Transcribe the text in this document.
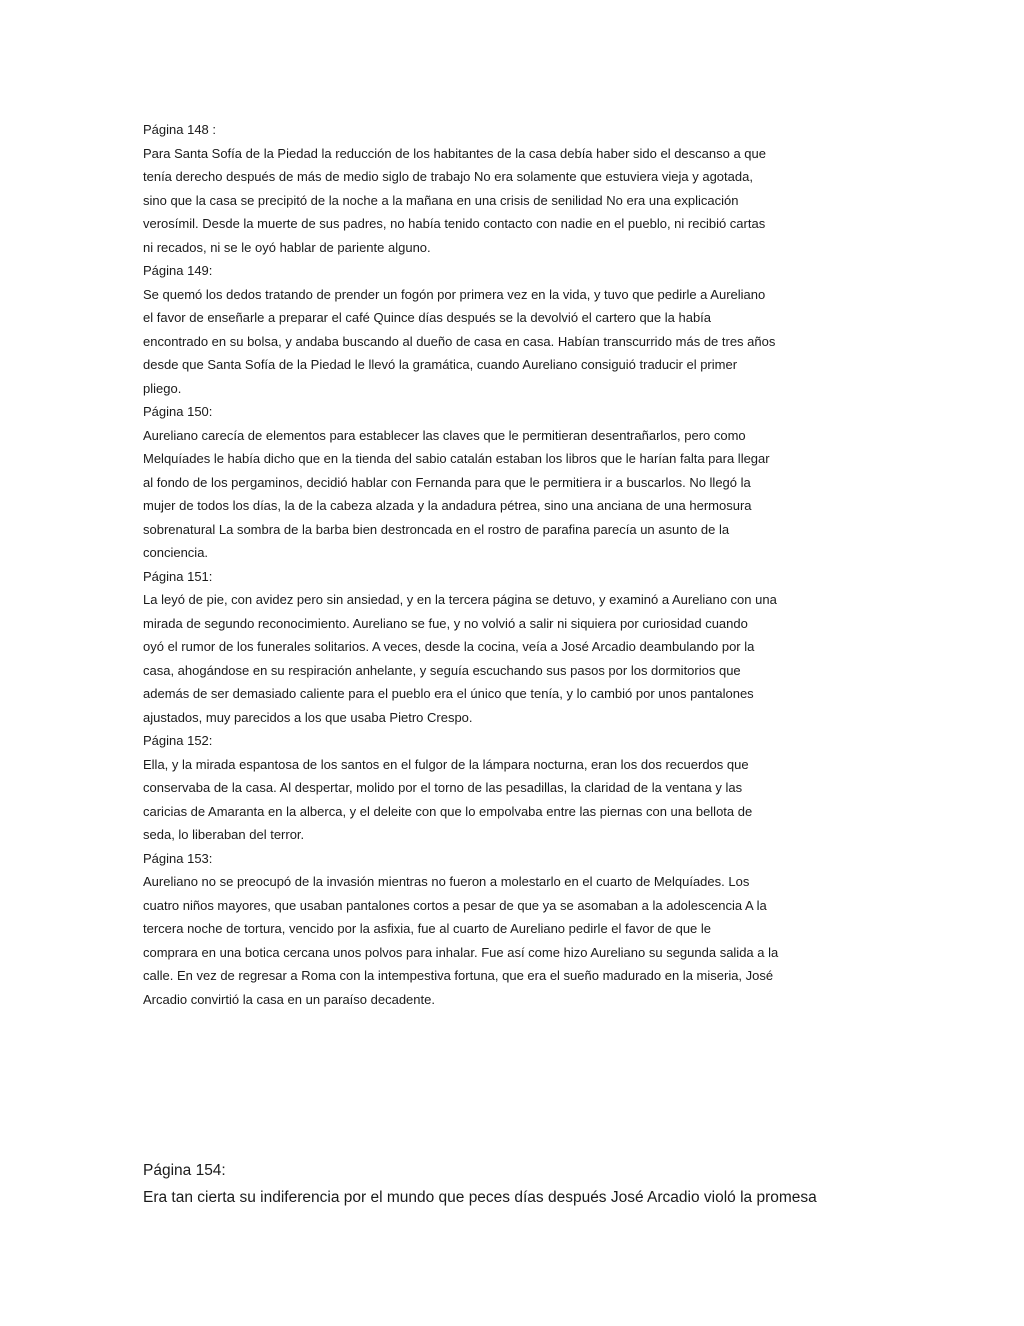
Página 148 :
Para Santa Sofía de la Piedad la reducción de los habitantes de la casa debía haber sido el descanso a que
tenía derecho después de más de medio siglo de trabajo No era solamente que estuviera vieja y agotada,
sino que la casa se precipitó de la noche a la mañana en una crisis de senilidad No era una explicación
verosímil. Desde la muerte de sus padres, no había tenido contacto con nadie en el pueblo, ni recibió cartas
ni recados, ni se le oyó hablar de pariente alguno.
Página 149:
Se quemó los dedos tratando de prender un fogón por primera vez en la vida, y tuvo que pedirle a Aureliano
el favor de enseñarle a preparar el café Quince días después se la devolvió el cartero que la había
encontrado en su bolsa, y andaba buscando al dueño de casa en casa. Habían transcurrido más de tres años
desde que Santa Sofía de la Piedad le llevó la gramática, cuando Aureliano consiguió traducir el primer
pliego.
Página 150:
Aureliano carecía de elementos para establecer las claves que le permitieran desentrañarlos, pero como
Melquíades le había dicho que en la tienda del sabio catalán estaban los libros que le harían falta para llegar
al fondo de los pergaminos, decidió hablar con Fernanda para que le permitiera ir a buscarlos. No llegó la
mujer de todos los días, la de la cabeza alzada y la andadura pétrea, sino una anciana de una hermosura
sobrenatural La sombra de la barba bien destroncada en el rostro de parafina parecía un asunto de la
conciencia.
Página 151:
La leyó de pie, con avidez pero sin ansiedad, y en la tercera página se detuvo, y examinó a Aureliano con una
mirada de segundo reconocimiento. Aureliano se fue, y no volvió a salir ni siquiera por curiosidad cuando
oyó el rumor de los funerales solitarios. A veces, desde la cocina, veía a José Arcadio deambulando por la
casa, ahogándose en su respiración anhelante, y seguía escuchando sus pasos por los dormitorios que
además de ser demasiado caliente para el pueblo era el único que tenía, y lo cambió por unos pantalones
ajustados, muy parecidos a los que usaba Pietro Crespo.
Página 152:
Ella, y la mirada espantosa de los santos en el fulgor de la lámpara nocturna, eran los dos recuerdos que
conservaba de la casa. Al despertar, molido por el torno de las pesadillas, la claridad de la ventana y las
caricias de Amaranta en la alberca, y el deleite con que lo empolvaba entre las piernas con una bellota de
seda, lo liberaban del terror.
Página 153:
Aureliano no se preocupó de la invasión mientras no fueron a molestarlo en el cuarto de Melquíades. Los
cuatro niños mayores, que usaban pantalones cortos a pesar de que ya se asomaban a la adolescencia A la
tercera noche de tortura, vencido por la asfixia, fue al cuarto de Aureliano pedirle el favor de que le
comprara en una botica cercana unos polvos para inhalar. Fue así come hizo Aureliano su segunda salida a la
calle. En vez de regresar a Roma con la intempestiva fortuna, que era el sueño madurado en la miseria, José
Arcadio convirtió la casa en un paraíso decadente.
Página 154:
Era tan cierta su indiferencia por el mundo que peces días después José Arcadio violó la promesa
